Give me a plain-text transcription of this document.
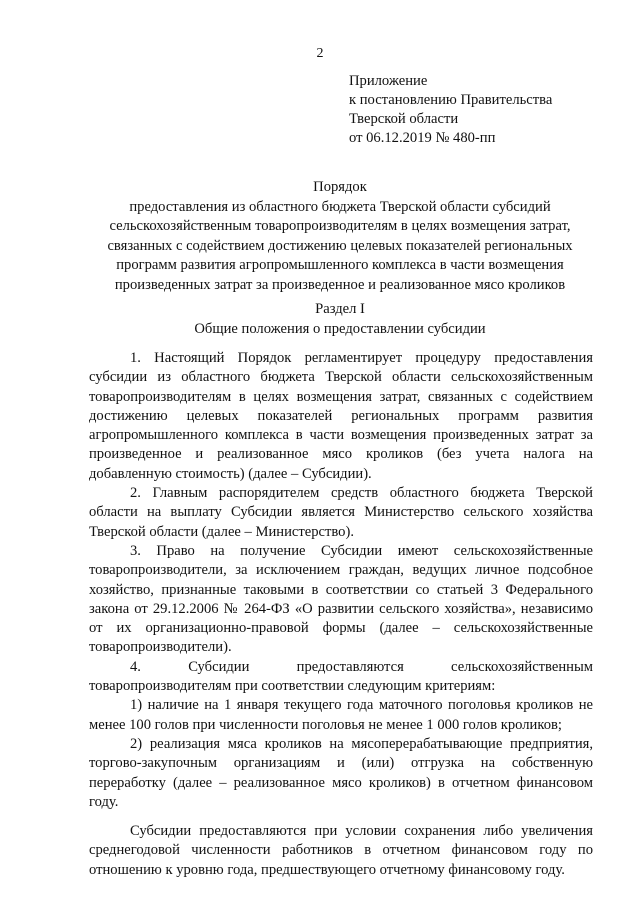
2
Приложение
к постановлению Правительства
Тверской области
от 06.12.2019 № 480-пп
Порядок
предоставления из областного бюджета Тверской области субсидий
сельскохозяйственным товаропроизводителям в целях возмещения затрат,
связанных с содействием достижению целевых показателей региональных
программ развития агропромышленного комплекса в части возмещения
произведенных затрат за произведенное и реализованное мясо кроликов
Раздел I
Общие положения о предоставлении субсидии

1. Настоящий Порядок регламентирует процедуру предоставления субсидии из областного бюджета Тверской области сельскохозяйственным товаропроизводителям в целях возмещения затрат, связанных с содействием достижению целевых показателей региональных программ развития агропромышленного комплекса в части возмещения произведенных затрат за произведенное и реализованное мясо кроликов (без учета налога на добавленную стоимость) (далее – Субсидии).

2. Главным распорядителем средств областного бюджета Тверской области на выплату Субсидии является Министерство сельского хозяйства Тверской области (далее – Министерство).

3. Право на получение Субсидии имеют сельскохозяйственные товаропроизводители, за исключением граждан, ведущих личное подсобное хозяйство, признанные таковыми в соответствии со статьей 3 Федерального закона от 29.12.2006 № 264-ФЗ «О развитии сельского хозяйства», независимо от их организационно-правовой формы (далее – сельскохозяйственные товаропроизводители).

4. Субсидии предоставляются сельскохозяйственным товаропроизводителям при соответствии следующим критериям:

1) наличие на 1 января текущего года маточного поголовья кроликов не менее 100 голов при численности поголовья не менее 1 000 голов кроликов;

2) реализация мяса кроликов на мясоперерабатывающие предприятия, торгово-закупочным организациям и (или) отгрузка на собственную переработку (далее – реализованное мясо кроликов) в отчетном финансовом году.

Субсидии предоставляются при условии сохранения либо увеличения среднегодовой численности работников в отчетном финансовом году по отношению к уровню года, предшествующего отчетному финансовому году.
